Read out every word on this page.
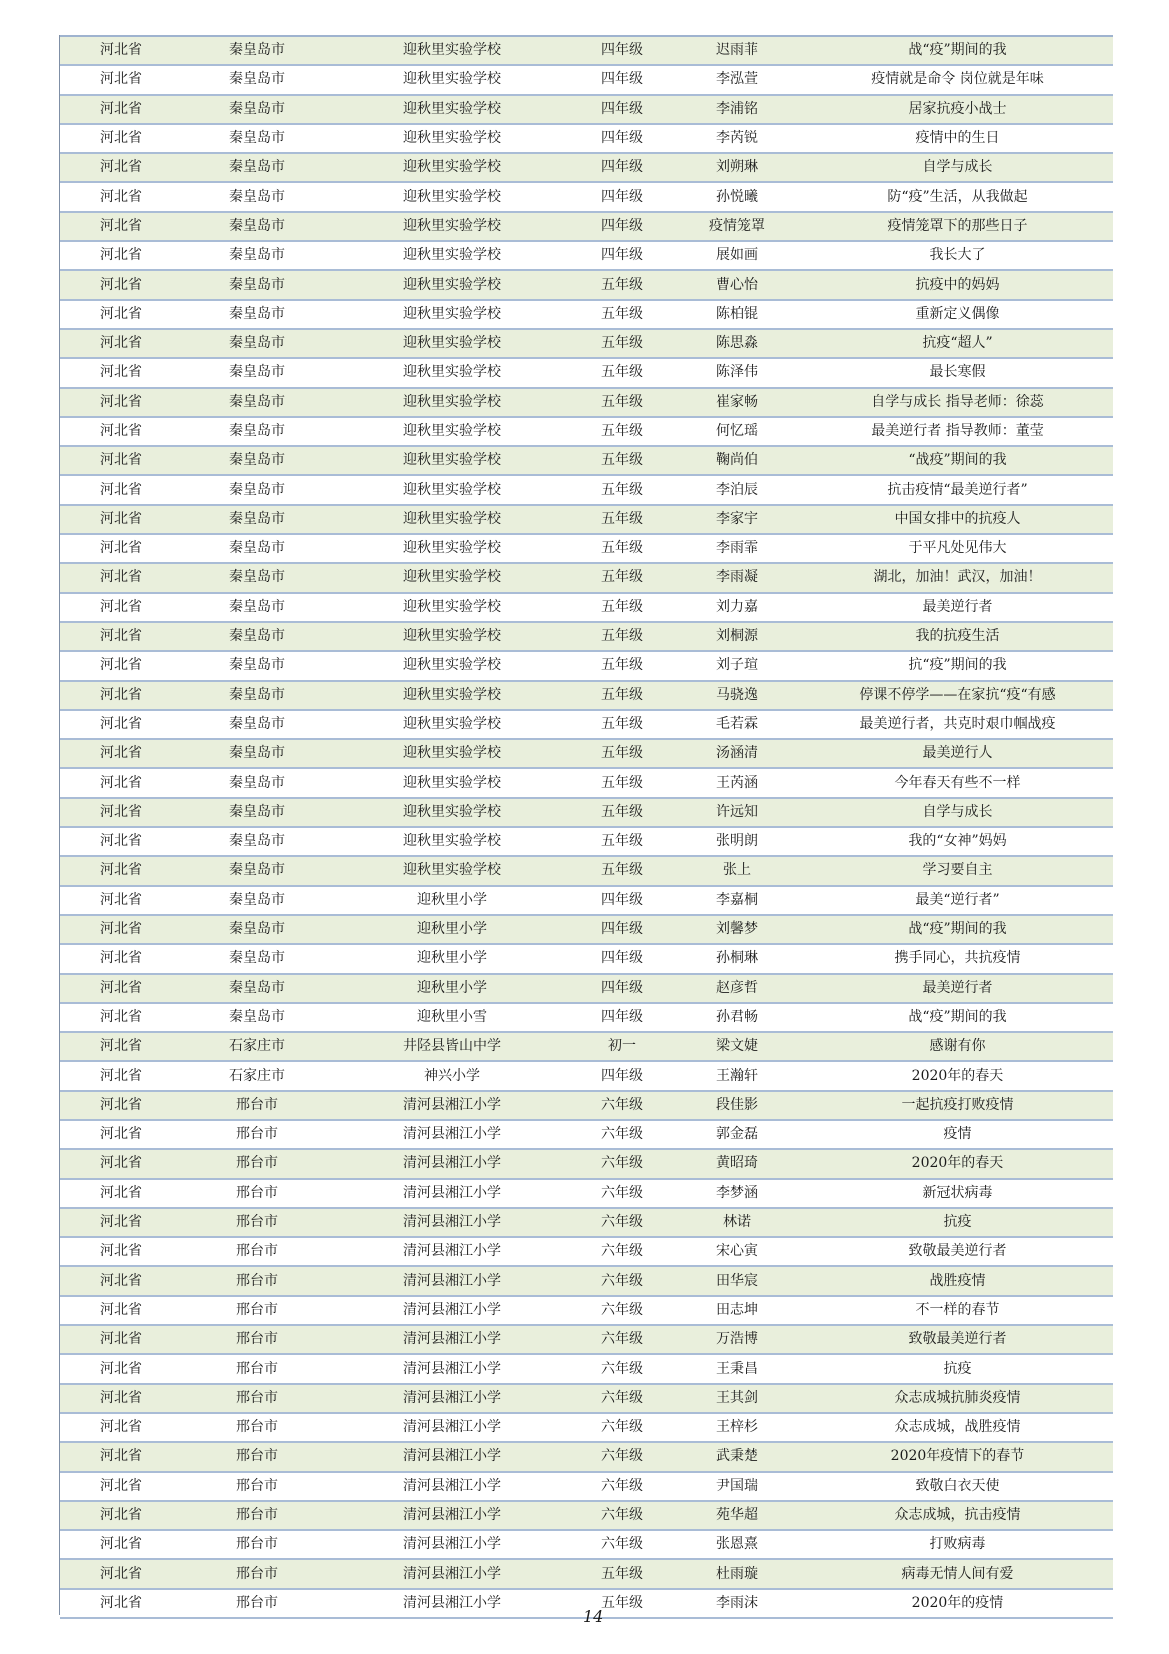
河北省	秦皇岛市	迎秋里实验学校	四年级	迟雨菲	战“疫”期间的我
河北省	秦皇岛市	迎秋里实验学校	四年级	李泓萱	疫情就是命令 岗位就是年味
河北省	秦皇岛市	迎秋里实验学校	四年级	李浦铭	居家抗疫小战士
河北省	秦皇岛市	迎秋里实验学校	四年级	李芮锐	疫情中的生日
河北省	秦皇岛市	迎秋里实验学校	四年级	刘朔琳	自学与成长
河北省	秦皇岛市	迎秋里实验学校	四年级	孙悦曦	防“疫”生活，从我做起
河北省	秦皇岛市	迎秋里实验学校	四年级	疫情笼罩	疫情笼罩下的那些日子
河北省	秦皇岛市	迎秋里实验学校	四年级	展如画	我长大了
河北省	秦皇岛市	迎秋里实验学校	五年级	曹心怡	抗疫中的妈妈
河北省	秦皇岛市	迎秋里实验学校	五年级	陈柏锟	重新定义偶像
河北省	秦皇岛市	迎秋里实验学校	五年级	陈思淼	抗疫“超人”
河北省	秦皇岛市	迎秋里实验学校	五年级	陈泽伟	最长寒假
河北省	秦皇岛市	迎秋里实验学校	五年级	崔家畅	自学与成长 指导老师：徐蕊
河北省	秦皇岛市	迎秋里实验学校	五年级	何忆瑶	最美逆行者 指导教师：董莹
河北省	秦皇岛市	迎秋里实验学校	五年级	鞠尚伯	“战疫”期间的我
河北省	秦皇岛市	迎秋里实验学校	五年级	李泊辰	抗击疫情“最美逆行者”
河北省	秦皇岛市	迎秋里实验学校	五年级	李家宇	中国女排中的抗疫人
河北省	秦皇岛市	迎秋里实验学校	五年级	李雨霏	于平凡处见伟大
河北省	秦皇岛市	迎秋里实验学校	五年级	李雨凝	湖北，加油！武汉，加油！
河北省	秦皇岛市	迎秋里实验学校	五年级	刘力嘉	最美逆行者
河北省	秦皇岛市	迎秋里实验学校	五年级	刘桐源	我的抗疫生活
河北省	秦皇岛市	迎秋里实验学校	五年级	刘子瑄	抗“疫”期间的我
河北省	秦皇岛市	迎秋里实验学校	五年级	马骁逸	停课不停学——在家抗“疫“有感
河北省	秦皇岛市	迎秋里实验学校	五年级	毛若霖	最美逆行者，共克时艰巾帼战疫
河北省	秦皇岛市	迎秋里实验学校	五年级	汤涵清	最美逆行人
河北省	秦皇岛市	迎秋里实验学校	五年级	王芮涵	今年春天有些不一样
河北省	秦皇岛市	迎秋里实验学校	五年级	许远知	自学与成长
河北省	秦皇岛市	迎秋里实验学校	五年级	张明朗	我的“女神”妈妈
河北省	秦皇岛市	迎秋里实验学校	五年级	张上	学习要自主
河北省	秦皇岛市	迎秋里小学	四年级	李嘉桐	最美“逆行者”
河北省	秦皇岛市	迎秋里小学	四年级	刘馨梦	战“疫”期间的我
河北省	秦皇岛市	迎秋里小学	四年级	孙桐琳	携手同心，共抗疫情
河北省	秦皇岛市	迎秋里小学	四年级	赵彦哲	最美逆行者
河北省	秦皇岛市	迎秋里小雪	四年级	孙君畅	战“疫”期间的我
河北省	石家庄市	井陉县皆山中学	初一	梁文婕	感谢有你
河北省	石家庄市	神兴小学	四年级	王瀚轩	2020年的春天
河北省	邢台市	清河县湘江小学	六年级	段佳影	一起抗疫打败疫情
河北省	邢台市	清河县湘江小学	六年级	郭金磊	疫情
河北省	邢台市	清河县湘江小学	六年级	黄昭琦	2020年的春天
河北省	邢台市	清河县湘江小学	六年级	李梦涵	新冠状病毒
河北省	邢台市	清河县湘江小学	六年级	林诺	抗疫
河北省	邢台市	清河县湘江小学	六年级	宋心寅	致敬最美逆行者
河北省	邢台市	清河县湘江小学	六年级	田华宸	战胜疫情
河北省	邢台市	清河县湘江小学	六年级	田志坤	不一样的春节
河北省	邢台市	清河县湘江小学	六年级	万浩博	致敬最美逆行者
河北省	邢台市	清河县湘江小学	六年级	王秉昌	抗疫
河北省	邢台市	清河县湘江小学	六年级	王其剑	众志成城抗肺炎疫情
河北省	邢台市	清河县湘江小学	六年级	王梓杉	众志成城，战胜疫情
河北省	邢台市	清河县湘江小学	六年级	武秉楚	2020年疫情下的春节
河北省	邢台市	清河县湘江小学	六年级	尹国瑞	致敬白衣天使
河北省	邢台市	清河县湘江小学	六年级	苑华超	众志成城，抗击疫情
河北省	邢台市	清河县湘江小学	六年级	张恩熹	打败病毒
河北省	邢台市	清河县湘江小学	五年级	杜雨璇	病毒无情人间有爱
河北省	邢台市	清河县湘江小学	五年级	李雨沫	2020年的疫情
14
